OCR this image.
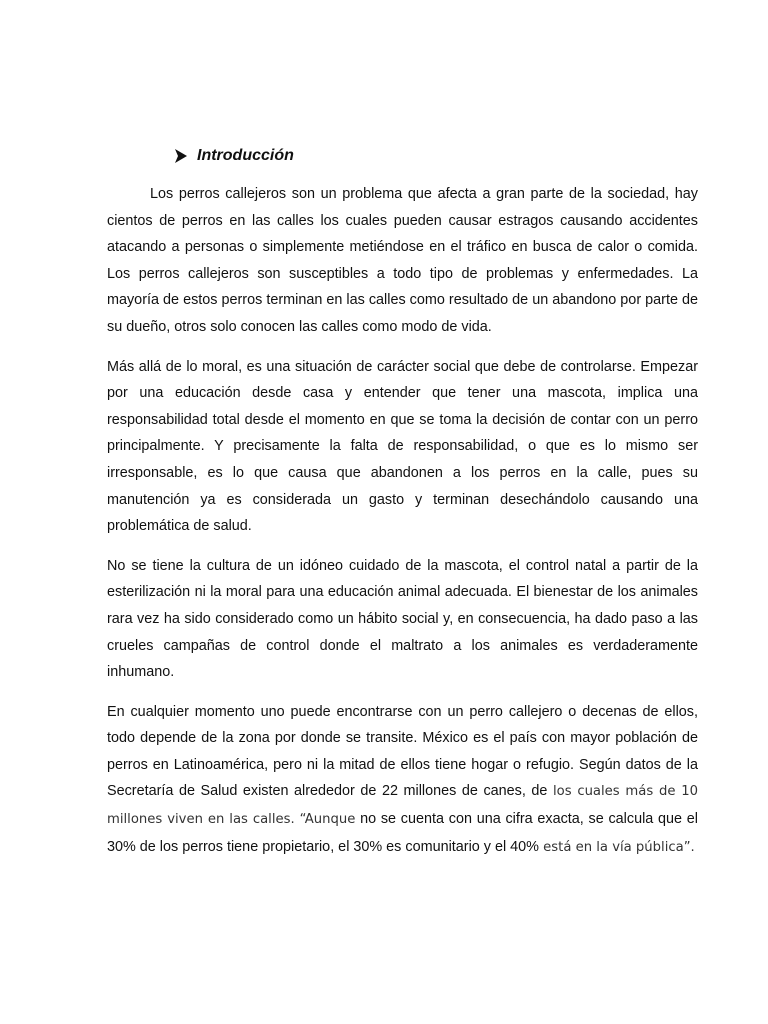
Introducción

Los perros callejeros son un problema que afecta a gran parte de la sociedad, hay cientos de perros en las calles los cuales pueden causar estragos causando accidentes atacando a personas o simplemente metiéndose en el tráfico en busca de calor o comida. Los perros callejeros son susceptibles a todo tipo de problemas y enfermedades. La mayoría de estos perros terminan en las calles como resultado de un abandono por parte de su dueño, otros solo conocen las calles como modo de vida.

Más allá de lo moral, es una situación de carácter social que debe de controlarse. Empezar por una educación desde casa y entender que tener una mascota, implica una responsabilidad total desde el momento en que se toma la decisión de contar con un perro principalmente. Y precisamente la falta de responsabilidad, o que es lo mismo ser irresponsable, es lo que causa que abandonen a los perros en la calle, pues su manutención ya es considerada un gasto y terminan desechándolo causando una problemática de salud.

No se tiene la cultura de un idóneo cuidado de la mascota, el control natal a partir de la esterilización ni la moral para una educación animal adecuada. El bienestar de los animales rara vez ha sido considerado como un hábito social y, en consecuencia, ha dado paso a las crueles campañas de control donde el maltrato a los animales es verdaderamente inhumano.

En cualquier momento uno puede encontrarse con un perro callejero o decenas de ellos, todo depende de la zona por donde se transite. México es el país con mayor población de perros en Latinoamérica, pero ni la mitad de ellos tiene hogar o refugio. Según datos de la Secretaría de Salud existen alrededor de 22 millones de canes, de los cuales más de 10 millones viven en las calles. “Aunque no se cuenta con una cifra exacta, se calcula que el 30% de los perros tiene propietario, el 30% es comunitario y el 40% está en la vía pública”.
